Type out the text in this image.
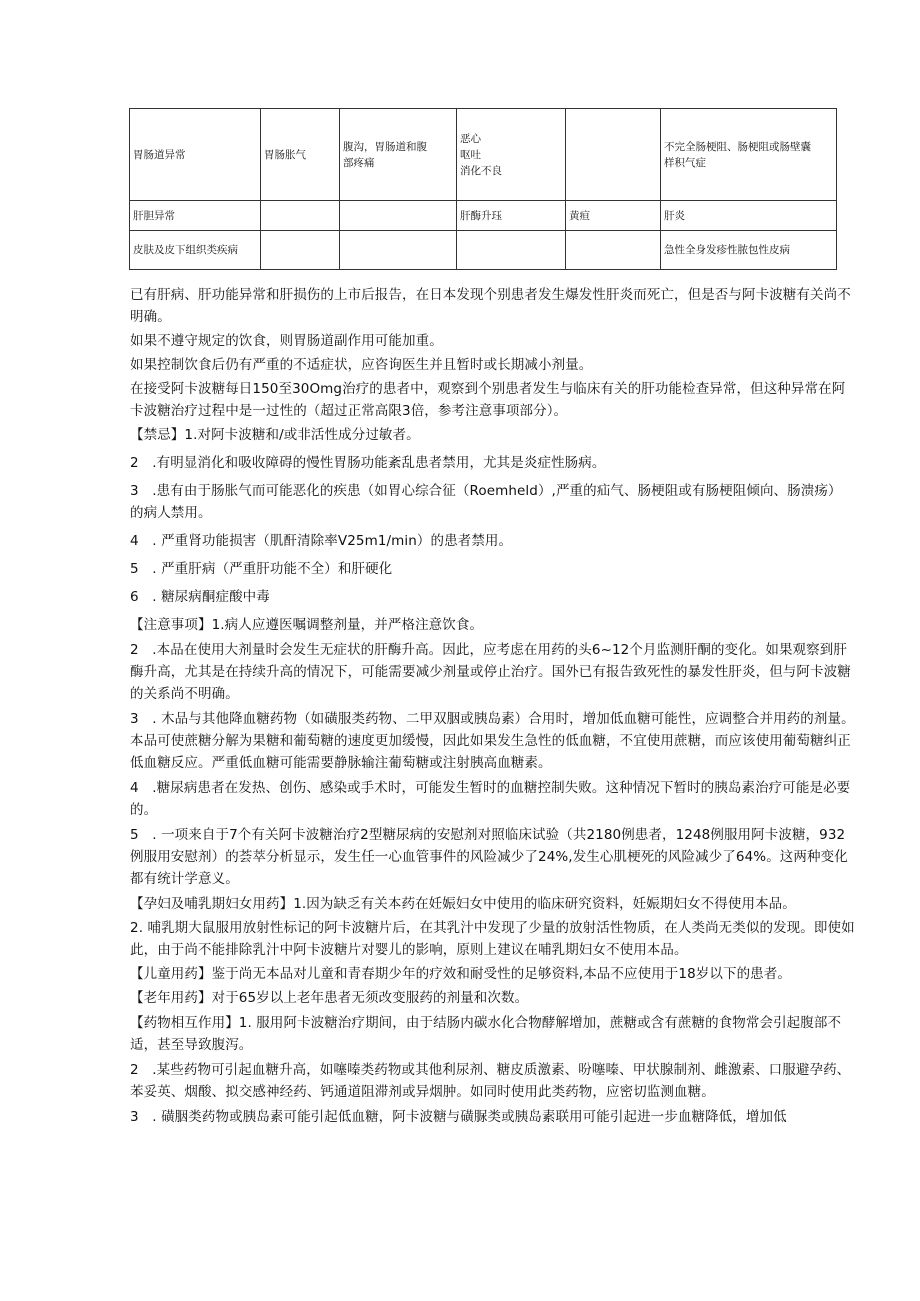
胃肠道异常	胃肠胀气	腹沟，胃肠道和腹
部疼痛	恶心
呕吐
消化不良		不完全肠梗阻、肠梗阻或肠壁囊
样积气症

肝胆异常			肝酶升珏	黄疸	肝炎
皮肤及皮下组织类疾病					急性全身发疹性脓包性皮病

已有肝病、肝功能异常和肝损伤的上市后报告，在日本发现个别患者发生爆发性肝炎而死亡，但是否与阿卡波糖有关尚不明确。

如果不遵守规定的饮食，则胃肠道副作用可能加重。

如果控制饮食后仍有严重的不适症状，应咨询医生并且暂时或长期减小剂量。

在接受阿卡波糖每日150至30Omg治疗的患者中，观察到个别患者发生与临床有关的肝功能检查异常，但这种异常在阿卡波糖治疗过程中是一过性的（超过正常高限3倍，参考注意事项部分）。

【禁忌】1.对阿卡波糖和/或非活性成分过敏者。

2　.有明显消化和吸收障碍的慢性胃肠功能紊乱患者禁用，尤其是炎症性肠病。

3　.患有由于肠胀气而可能恶化的疾患（如胃心综合征（Roemheld）,严重的疝气、肠梗阻或有肠梗阻倾向、肠溃疡）的病人禁用。

4　. 严重肾功能损害（肌酐清除率V25m1∕min）的患者禁用。

5　. 严重肝病（严重肝功能不全）和肝硬化

6　. 糖尿病酮症酸中毒

【注意事项】1.病人应遵医嘱调整剂量，并严格注意饮食。

2　.本品在使用大剂量时会发生无症状的肝酶升高。因此，应考虑在用药的头6~12个月监测肝酮的变化。如果观察到肝酶升高，尤其是在持续升高的情况下，可能需要减少剂量或停止治疗。国外已有报告致死性的暴发性肝炎，但与阿卡波糖的关系尚不明确。

3　. 木品与其他降血糖药物（如磺服类药物、二甲双胭或胰岛素）合用时，增加低血糖可能性，应调整合并用药的剂量。本品可使蔗糖分解为果糖和葡萄糖的速度更加缓慢，因此如果发生急性的低血糖，不宜使用蔗糖，而应该使用葡萄糖纠正低血糖反应。严重低血糖可能需要静脉输注葡萄糖或注射胰高血糖素。

4　.糖尿病患者在发热、创伤、感染或手术时，可能发生暂时的血糖控制失败。这种情况下暂时的胰岛素治疗可能是必要的。

5　. 一项来自于7个有关阿卡波糖治疗2型糖尿病的安慰剂对照临床试验（共2180例患者，1248例服用阿卡波糖，932例服用安慰剂）的荟萃分析显示，发生任一心血管事件的风险减少了24%,发生心肌梗死的风险减少了64%。这两种变化都有统计学意义。

【孕妇及哺乳期妇女用药】1.因为缺乏有关本药在妊娠妇女中使用的临床研究资料，妊娠期妇女不得使用本品。

2. 哺乳期大鼠服用放射性标记的阿卡波糖片后，在其乳汁中发现了少量的放射活性物质，在人类尚无类似的发现。即使如此，由于尚不能排除乳汁中阿卡波糖片对婴儿的影响，原则上建议在哺乳期妇女不使用本品。

【儿童用药】鉴于尚无本品对儿童和青春期少年的疗效和耐受性的足够资料,本品不应使用于18岁以下的患者。

【老年用药】对于65岁以上老年患者无须改变服药的剂量和次数。

【药物相互作用】1. 服用阿卡波糖治疗期间，由于结肠内碳水化合物酵解增加，蔗糖或含有蔗糖的食物常会引起腹部不适，甚至导致腹泻。

2　.某些药物可引起血糖升高，如噻嗪类药物或其他利尿剂、糖皮质激素、吩噻嗪、甲状腺制剂、雌激素、口服避孕药、苯妥英、烟酸、拟交感神经药、钙通道阻滞剂或异烟肿。如同时使用此类药物，应密切监测血糖。

3　. 磺胭类药物或胰岛素可能引起低血糖，阿卡波糖与磺脲类或胰岛素联用可能引起进一步血糖降低，增加低
